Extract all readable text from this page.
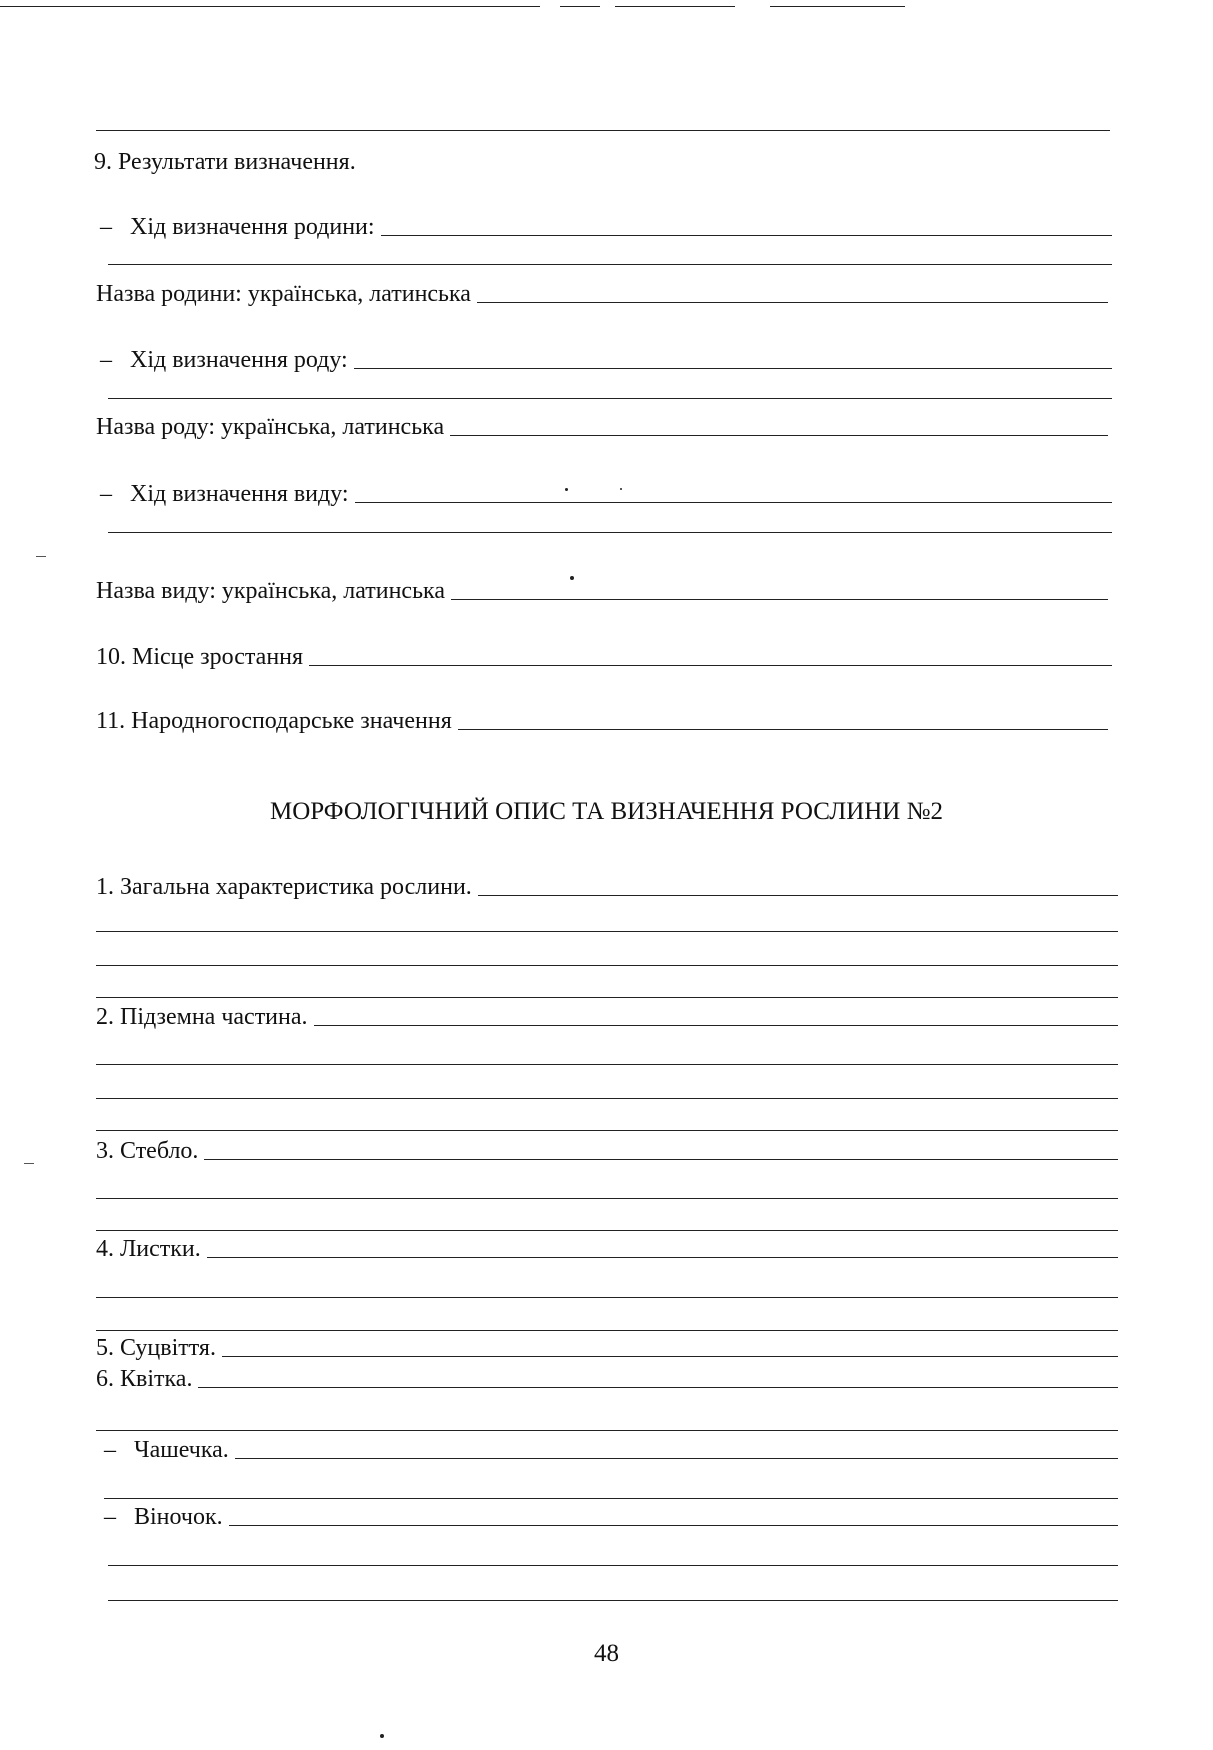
9. Результати визначення.
– Хід визначення родини:
Назва родини: українська, латинська
– Хід визначення роду:
Назва роду: українська, латинська
– Хід визначення виду:
Назва виду: українська, латинська
10. Місце зростання
11. Народногосподарське значення
МОРФОЛОГІЧНИЙ ОПИС ТА ВИЗНАЧЕННЯ РОСЛИНИ №2
1. Загальна характеристика рослини.
2. Підземна частина.
3. Стебло.
4. Листки.
5. Суцвіття.
6. Квітка.
– Чашечка.
– Віночок.
48
